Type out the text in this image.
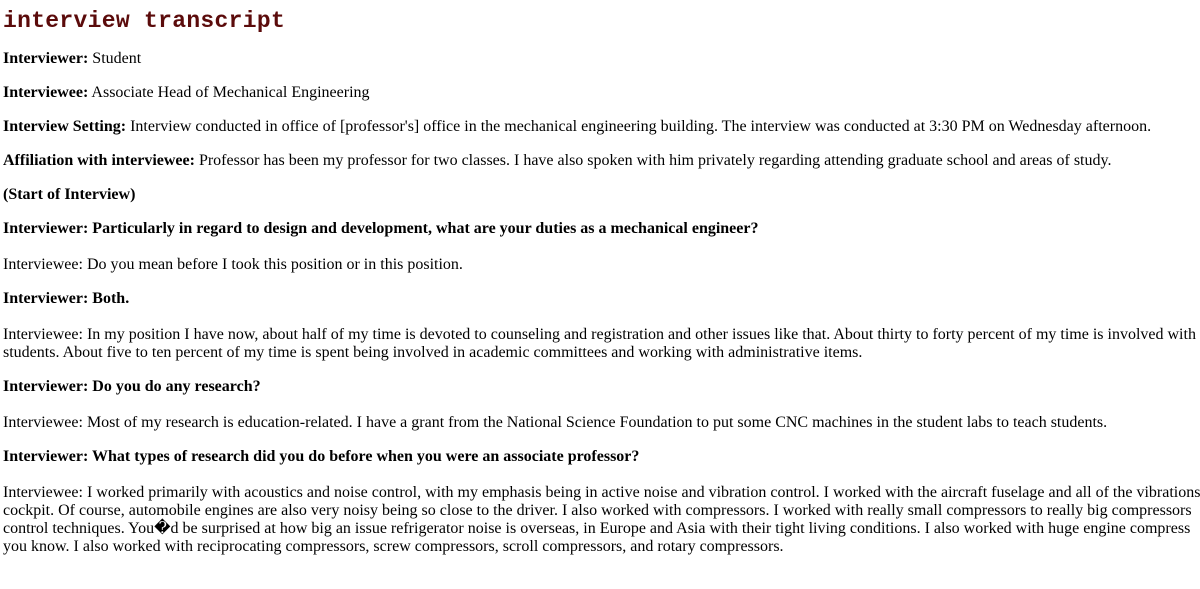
interview transcript

Interviewer: Student

Interviewee: Associate Head of Mechanical Engineering

Interview Setting: Interview conducted in office of [professor's] office in the mechanical engineering building. The interview was conducted at 3:30 PM on Wednesday afternoon.

Affiliation with interviewee: Professor has been my professor for two classes. I have also spoken with him privately regarding attending graduate school and areas of study.

(Start of Interview)

Interviewer: Particularly in regard to design and development, what are your duties as a mechanical engineer?

Interviewee: Do you mean before I took this position or in this position.

Interviewer: Both.

Interviewee: In my position I have now, about half of my time is devoted to counseling and registration and other issues like that. About thirty to forty percent of my time is involved with
students. About five to ten percent of my time is spent being involved in academic committees and working with administrative items.

Interviewer: Do you do any research?

Interviewee: Most of my research is education-related. I have a grant from the National Science Foundation to put some CNC machines in the student labs to teach students.

Interviewer: What types of research did you do before when you were an associate professor?

Interviewee: I worked primarily with acoustics and noise control, with my emphasis being in active noise and vibration control. I worked with the aircraft fuselage and all of the vibrations
cockpit. Of course, automobile engines are also very noisy being so close to the driver. I also worked with compressors. I worked with really small compressors to really big compressors
control techniques. You�d be surprised at how big an issue refrigerator noise is overseas, in Europe and Asia with their tight living conditions. I also worked with huge engine compress
you know. I also worked with reciprocating compressors, screw compressors, scroll compressors, and rotary compressors.
